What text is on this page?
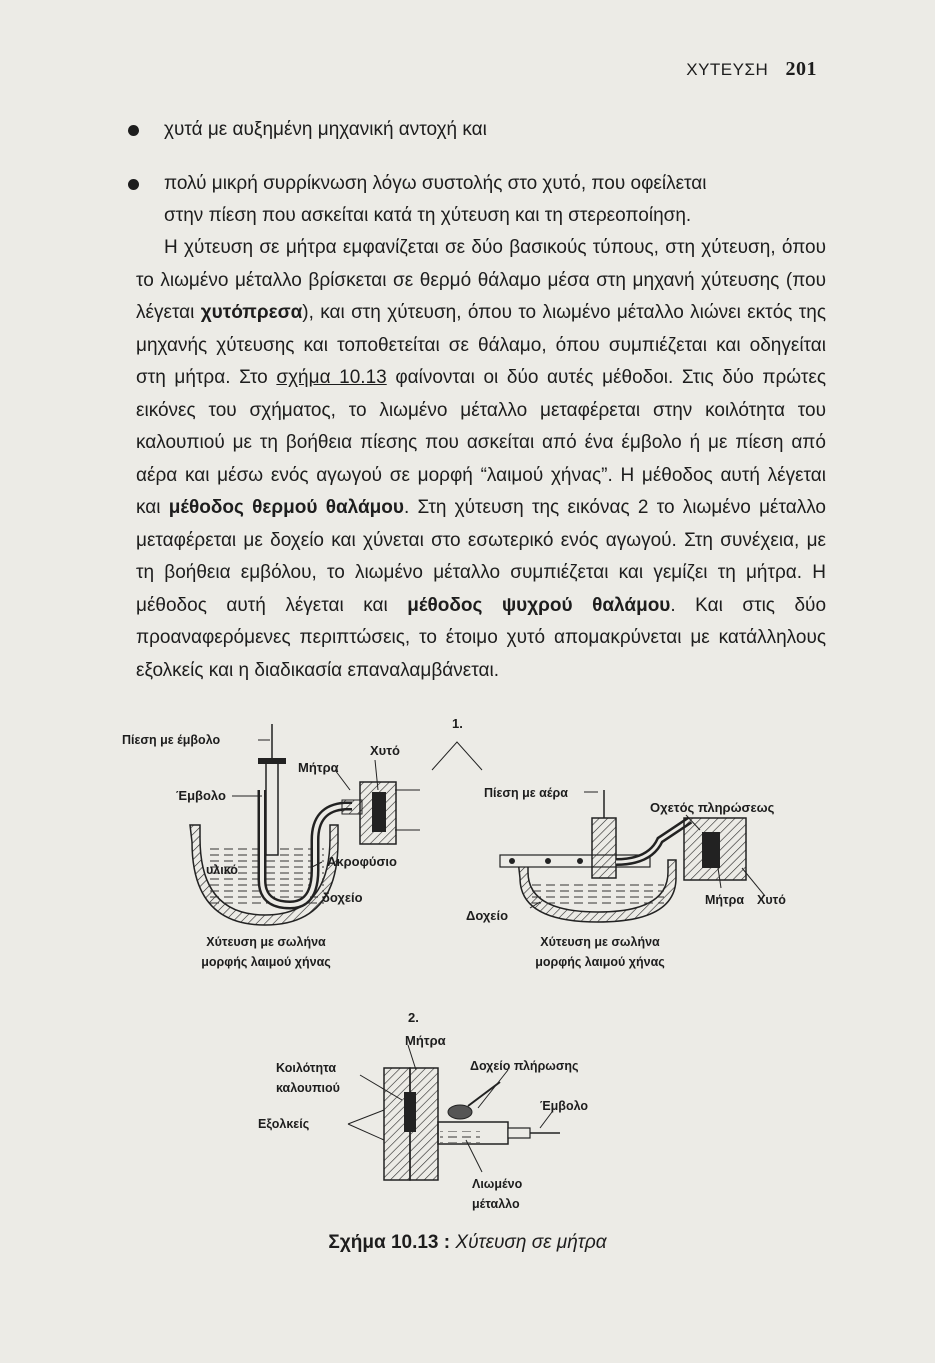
ΧΥΤΕΥΣΗ 201
χυτά με αυξημένη μηχανική αντοχή και
πολύ μικρή συρρίκνωση λόγω συστολής στο χυτό, που οφείλεται
στην πίεση που ασκείται κατά τη χύτευση και τη στερεοποίηση.
Η χύτευση σε μήτρα εμφανίζεται σε δύο βασικούς τύπους, στη χύτευση, όπου το λιωμένο μέταλλο βρίσκεται σε θερμό θάλαμο μέσα στη μηχανή χύτευσης (που λέγεται χυτόπρεσα), και στη χύτευση, όπου το λιωμένο μέταλλο λιώνει εκτός της μηχανής χύτευσης και τοποθετείται σε θάλαμο, όπου συμπιέζεται και οδηγείται στη μήτρα. Στο σχήμα 10.13 φαίνονται οι δύο αυτές μέθοδοι. Στις δύο πρώτες εικόνες του σχήματος, το λιωμένο μέταλλο μεταφέρεται στην κοιλότητα του καλουπιού με τη βοήθεια πίεσης που ασκείται από ένα έμβολο ή με πίεση από αέρα και μέσω ενός αγωγού σε μορφή “λαιμού χήνας”. Η μέθοδος αυτή λέγεται και μέθοδος θερμού θαλάμου. Στη χύτευση της εικόνας 2 το λιωμένο μέταλλο μεταφέρεται με δοχείο και χύνεται στο εσωτερικό ενός αγωγού. Στη συνέχεια, με τη βοήθεια εμβόλου, το λιωμένο μέταλλο συμπιέζεται και γεμίζει τη μήτρα. Η μέθοδος αυτή λέγεται και μέθοδος ψυχρού θαλάμου. Και στις δύο προαναφερόμενες περιπτώσεις, το έτοιμο χυτό απομακρύνεται με κατάλληλους εξολκείς και η διαδικασία επαναλαμβάνεται.
Πίεση με έμβολο
Έμβολο
Μήτρα
Χυτό
υλικό
Ακροφύσιο
δοχείο
Χύτευση με σωλήνα
μορφής λαιμού χήνας
1.
Πίεση με αέρα
Οχετός πληρώσεως
Δοχείο
Μήτρα Χυτό
Χύτευση με σωλήνα
μορφής λαιμού χήνας
2.
Μήτρα
Κοιλότητα
καλουπιού
Εξολκείς
Δοχείο πλήρωσης
Έμβολο
Λιωμένο
μέταλλο
Σχήμα 10.13 : Χύτευση σε μήτρα
